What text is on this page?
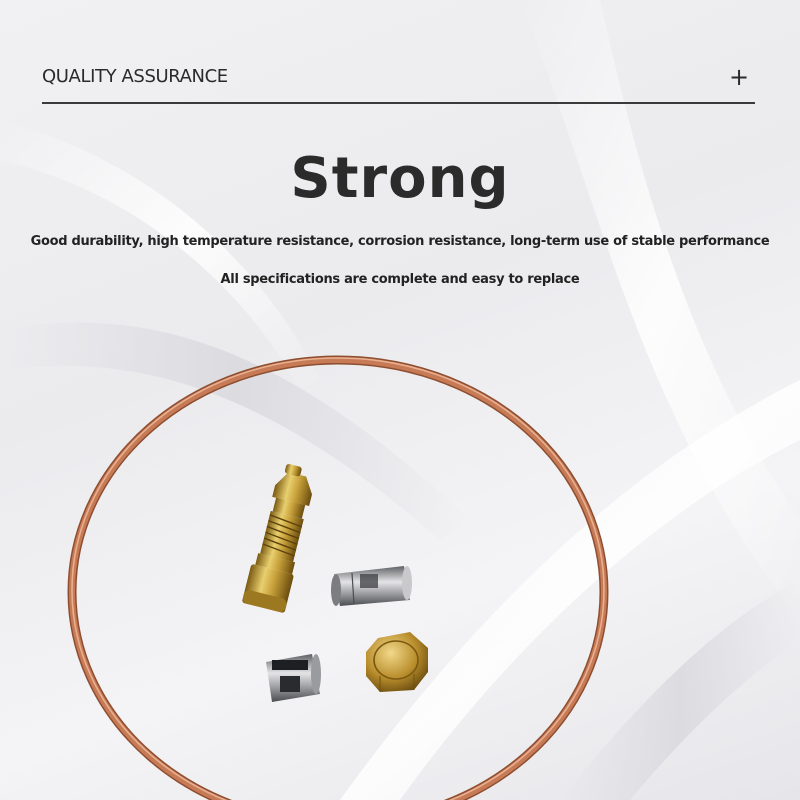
QUALITY ASSURANCE	+
Strong
Good durability, high temperature resistance, corrosion resistance, long-term use of stable performance
All specifications are complete and easy to replace
